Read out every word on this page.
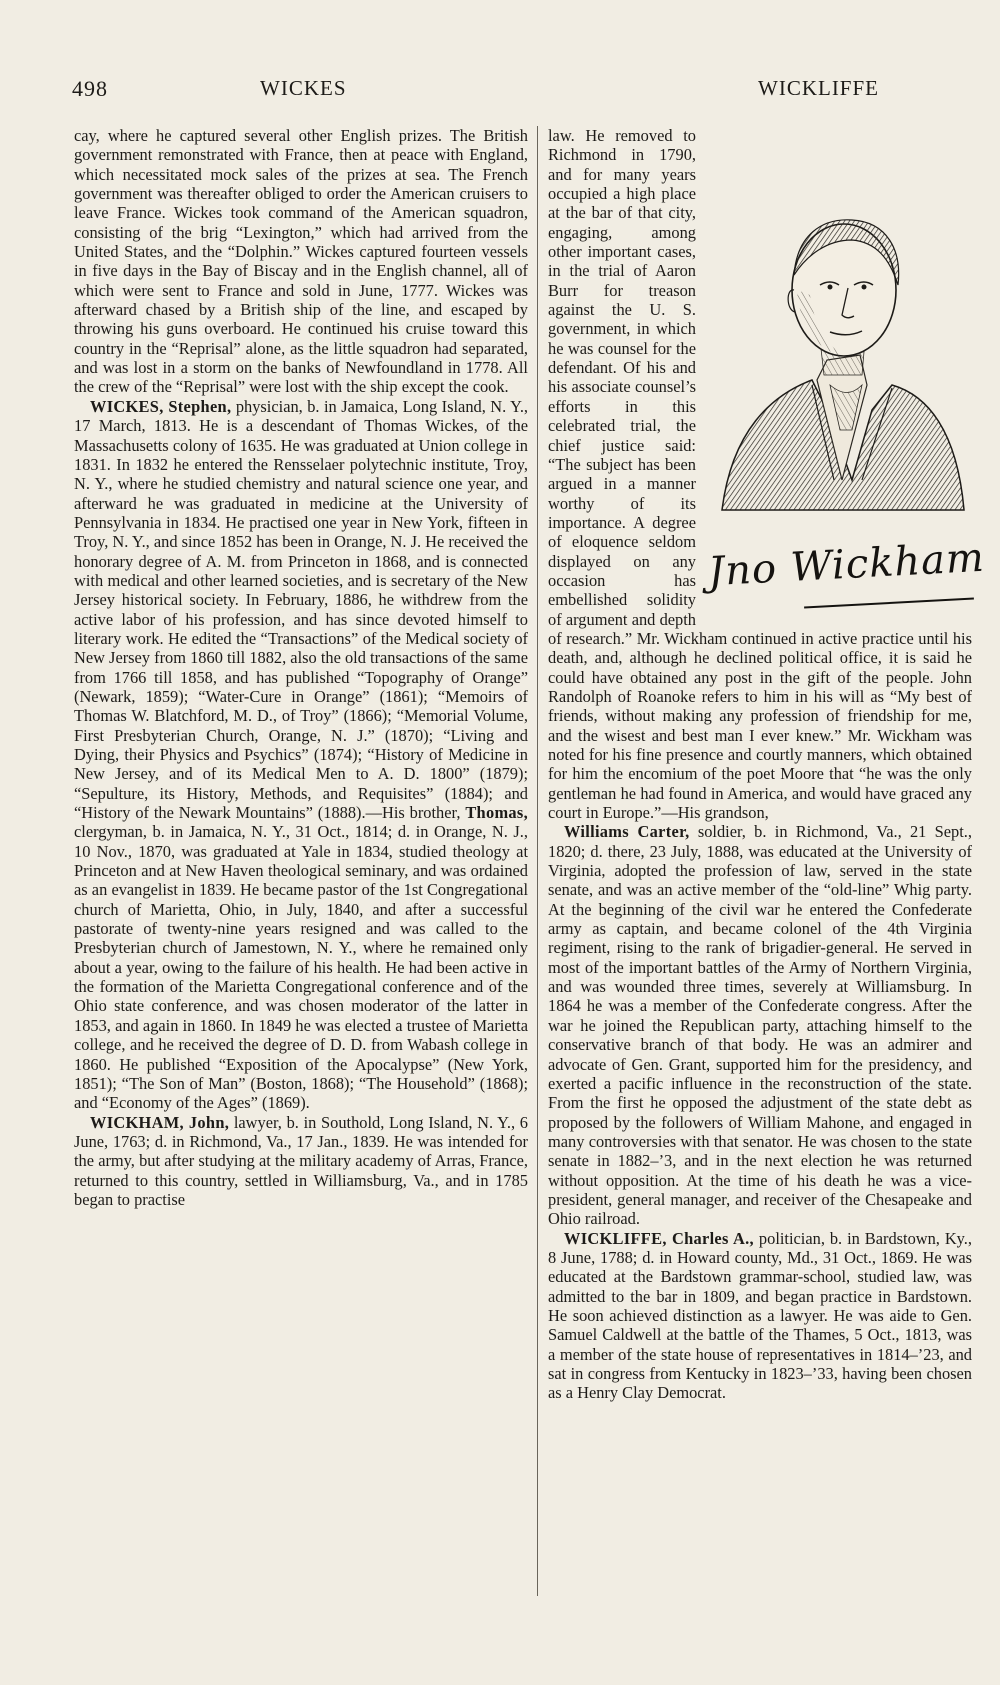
498	WICKES	WICKLIFFE

cay, where he captured several other English prizes. The British government remonstrated with France, then at peace with England, which necessitated mock sales of the prizes at sea. The French government was thereafter obliged to order the American cruisers to leave France. Wickes took command of the American squadron, consisting of the brig “Lexington,” which had arrived from the United States, and the “Dolphin.” Wickes captured fourteen vessels in five days in the Bay of Biscay and in the English channel, all of which were sent to France and sold in June, 1777. Wickes was afterward chased by a British ship of the line, and escaped by throwing his guns overboard. He continued his cruise toward this country in the “Reprisal” alone, as the little squadron had separated, and was lost in a storm on the banks of Newfoundland in 1778. All the crew of the “Reprisal” were lost with the ship except the cook.

WICKES, Stephen, physician, b. in Jamaica, Long Island, N. Y., 17 March, 1813. He is a descendant of Thomas Wickes, of the Massachusetts colony of 1635. He was graduated at Union college in 1831. In 1832 he entered the Rensselaer polytechnic institute, Troy, N. Y., where he studied chemistry and natural science one year, and afterward he was graduated in medicine at the University of Pennsylvania in 1834. He practised one year in New York, fifteen in Troy, N. Y., and since 1852 has been in Orange, N. J. He received the honorary degree of A. M. from Princeton in 1868, and is connected with medical and other learned societies, and is secretary of the New Jersey historical society. In February, 1886, he withdrew from the active labor of his profession, and has since devoted himself to literary work. He edited the “Transactions” of the Medical society of New Jersey from 1860 till 1882, also the old transactions of the same from 1766 till 1858, and has published “Topography of Orange” (Newark, 1859); “Water-Cure in Orange” (1861); “Memoirs of Thomas W. Blatchford, M. D., of Troy” (1866); “Memorial Volume, First Presbyterian Church, Orange, N. J.” (1870); “Living and Dying, their Physics and Psychics” (1874); “History of Medicine in New Jersey, and of its Medical Men to A. D. 1800” (1879); “Sepulture, its History, Methods, and Requisites” (1884); and “History of the Newark Mountains” (1888).—His brother, Thomas, clergyman, b. in Jamaica, N. Y., 31 Oct., 1814; d. in Orange, N. J., 10 Nov., 1870, was graduated at Yale in 1834, studied theology at Princeton and at New Haven theological seminary, and was ordained as an evangelist in 1839. He became pastor of the 1st Congregational church of Marietta, Ohio, in July, 1840, and after a successful pastorate of twenty-nine years resigned and was called to the Presbyterian church of Jamestown, N. Y., where he remained only about a year, owing to the failure of his health. He had been active in the formation of the Marietta Congregational conference and of the Ohio state conference, and was chosen moderator of the latter in 1853, and again in 1860. In 1849 he was elected a trustee of Marietta college, and he received the degree of D. D. from Wabash college in 1860. He published “Exposition of the Apocalypse” (New York, 1851); “The Son of Man” (Boston, 1868); “The Household” (1868); and “Economy of the Ages” (1869).

WICKHAM, John, lawyer, b. in Southold, Long Island, N. Y., 6 June, 1763; d. in Richmond, Va., 17 Jan., 1839. He was intended for the army, but after studying at the military academy of Arras, France, returned to this country, settled in Williamsburg, Va., and in 1785 began to practise

Jno Wickham

law. He removed to Richmond in 1790, and for many years occupied a high place at the bar of that city, engaging, among other important cases, in the trial of Aaron Burr for treason against the U. S. government, in which he was counsel for the defendant. Of his and his associate counsel’s efforts in this celebrated trial, the chief justice said: “The subject has been argued in a manner worthy of its importance. A degree of eloquence seldom displayed on any occasion has embellished solidity of argument and depth of research.” Mr. Wickham continued in active practice until his death, and, although he declined political office, it is said he could have obtained any post in the gift of the people. John Randolph of Roanoke refers to him in his will as “My best of friends, without making any profession of friendship for me, and the wisest and best man I ever knew.” Mr. Wickham was noted for his fine presence and courtly manners, which obtained for him the encomium of the poet Moore that “he was the only gentleman he had found in America, and would have graced any court in Europe.”—His grandson,

Williams Carter, soldier, b. in Richmond, Va., 21 Sept., 1820; d. there, 23 July, 1888, was educated at the University of Virginia, adopted the profession of law, served in the state senate, and was an active member of the “old-line” Whig party. At the beginning of the civil war he entered the Confederate army as captain, and became colonel of the 4th Virginia regiment, rising to the rank of brigadier-general. He served in most of the important battles of the Army of Northern Virginia, and was wounded three times, severely at Williamsburg. In 1864 he was a member of the Confederate congress. After the war he joined the Republican party, attaching himself to the conservative branch of that body. He was an admirer and advocate of Gen. Grant, supported him for the presidency, and exerted a pacific influence in the reconstruction of the state. From the first he opposed the adjustment of the state debt as proposed by the followers of William Mahone, and engaged in many controversies with that senator. He was chosen to the state senate in 1882–’3, and in the next election he was returned without opposition. At the time of his death he was a vice-president, general manager, and receiver of the Chesapeake and Ohio railroad.

WICKLIFFE, Charles A., politician, b. in Bardstown, Ky., 8 June, 1788; d. in Howard county, Md., 31 Oct., 1869. He was educated at the Bardstown grammar-school, studied law, was admitted to the bar in 1809, and began practice in Bardstown. He soon achieved distinction as a lawyer. He was aide to Gen. Samuel Caldwell at the battle of the Thames, 5 Oct., 1813, was a member of the state house of representatives in 1814–’23, and sat in congress from Kentucky in 1823–’33, having been chosen as a Henry Clay Democrat.
